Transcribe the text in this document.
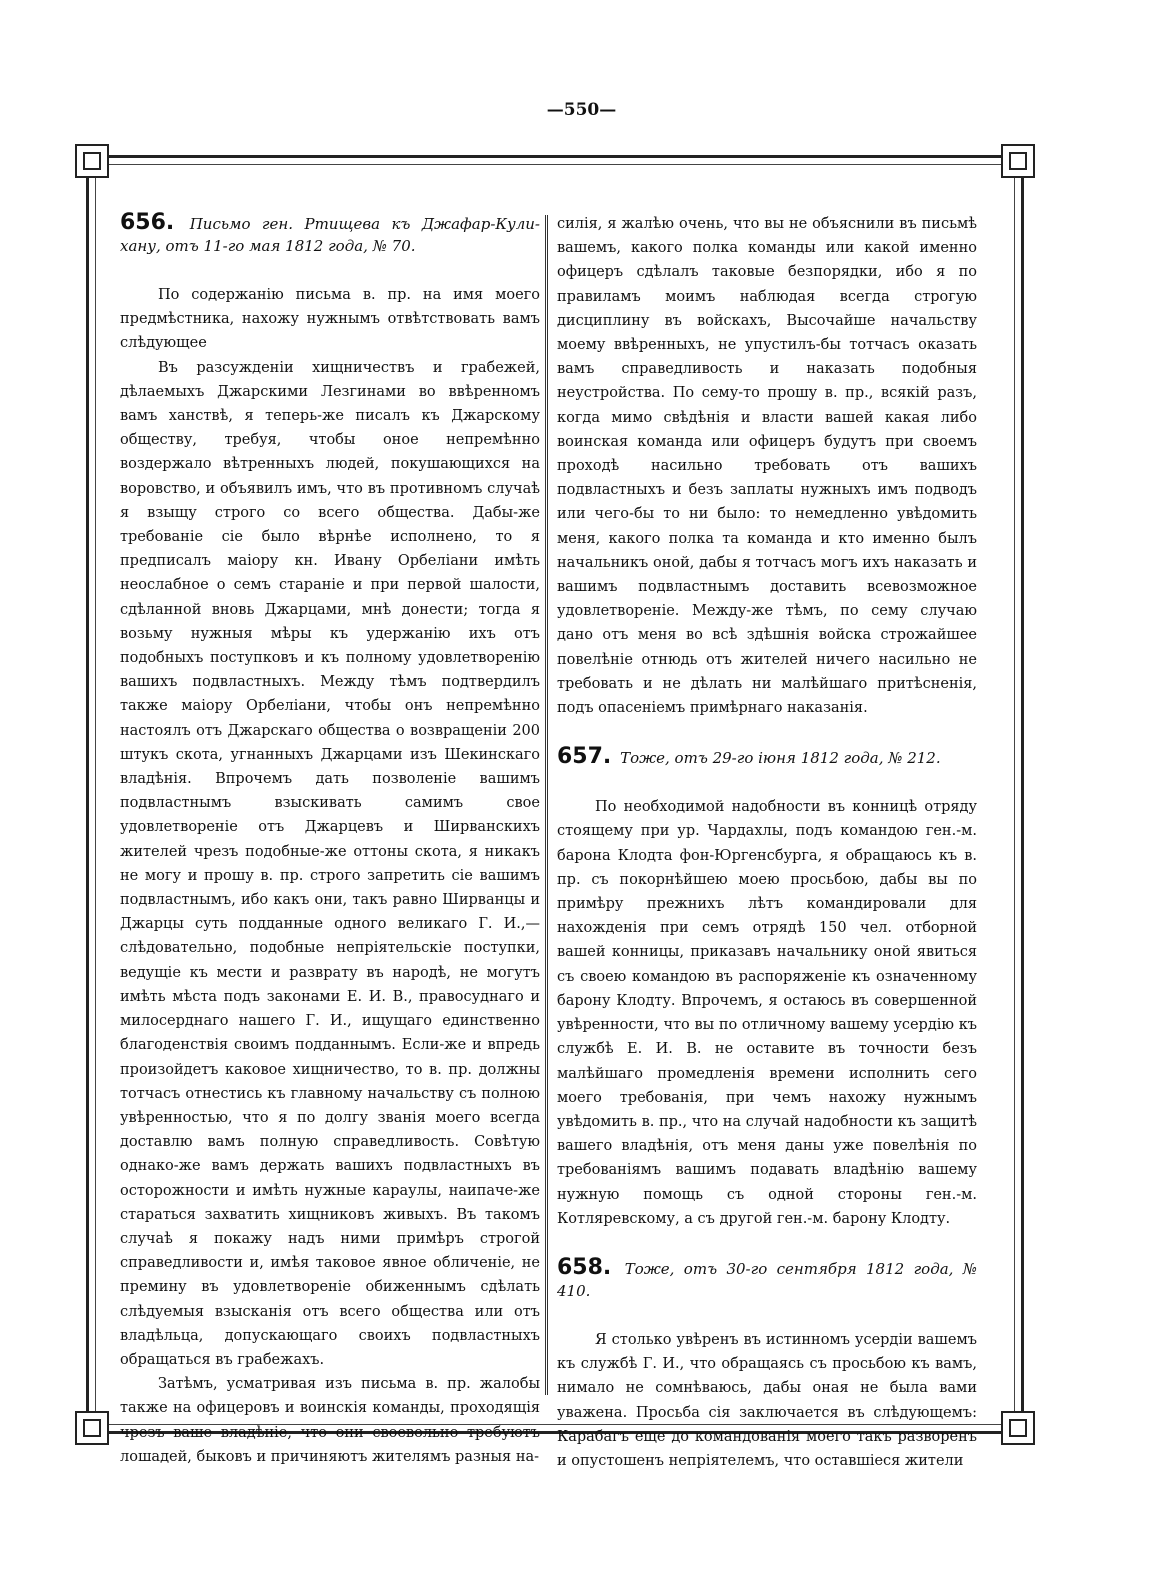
—550—
656. Письмо ген. Ртищева къ Джафар-Кули-хану, отъ 11-го мая 1812 года, № 70.

По содержанію письма в. пр. на имя моего предмѣстника, нахожу нужнымъ отвѣтствовать вамъ слѣдующее

Въ разсужденіи хищничествъ и грабежей, дѣлаемыхъ Джарскими Лезгинами во ввѣренномъ вамъ ханствѣ, я теперь-же писалъ къ Джарскому обществу, требуя, чтобы оное непремѣнно воздержало вѣтренныхъ людей, покушающихся на воровство, и объявилъ имъ, что въ противномъ случаѣ я взыщу строго со всего общества. Дабы-же требованіе сіе было вѣрнѣе исполнено, то я предписалъ маіору кн. Ивану Орбеліани имѣть неослабное о семъ стараніе и при первой шалости, сдѣланной вновь Джарцами, мнѣ донести; тогда я возьму нужныя мѣры къ удержанію ихъ отъ подобныхъ поступковъ и къ полному удовлетворенію вашихъ подвластныхъ. Между тѣмъ подтвердилъ также маіору Орбеліани, чтобы онъ непремѣнно настоялъ отъ Джарскаго общества о возвращеніи 200 штукъ скота, угнанныхъ Джарцами изъ Шекинскаго владѣнія. Впрочемъ дать позволеніе вашимъ подвластнымъ взыскивать самимъ свое удовлетвореніе отъ Джарцевъ и Ширванскихъ жителей чрезъ подобные-же оттоны скота, я никакъ не могу и прошу в. пр. строго запретить сіе вашимъ подвластнымъ, ибо какъ они, такъ равно Ширванцы и Джарцы суть подданные одного великаго Г. И.,— слѣдовательно, подобные непріятельскіе поступки, ведущіе къ мести и разврату въ народѣ, не могутъ имѣть мѣста подъ законами Е. И. В., правосуднаго и милосерднаго нашего Г. И., ищущаго единственно благоденствія своимъ подданнымъ. Если-же и впредь произойдетъ каковое хищничество, то в. пр. должны тотчасъ отнестись къ главному начальству съ полною увѣренностью, что я по долгу званія моего всегда доставлю вамъ полную справедливость. Совѣтую однако-же вамъ держать вашихъ подвластныхъ въ осторожности и имѣть нужные караулы, наипаче-же стараться захватить хищниковъ живыхъ. Въ такомъ случаѣ я покажу надъ ними примѣръ строгой справедливости и, имѣя таковое явное обличеніе, не премину въ удовлетвореніе обиженнымъ сдѣлать слѣдуемыя взысканія отъ всего общества или отъ владѣльца, допускающаго своихъ подвластныхъ обращаться въ грабежахъ.

Затѣмъ, усматривая изъ письма в. пр. жалобы также на офицеровъ и воинскія команды, проходящія чрезъ ваше владѣніе, что они своевольно требуютъ лошадей, быковъ и причиняютъ жителямъ разныя на-

силія, я жалѣю очень, что вы не объяснили въ письмѣ вашемъ, какого полка команды или какой именно офицеръ сдѣлалъ таковые безпорядки, ибо я по правиламъ моимъ наблюдая всегда строгую дисциплину въ войскахъ, Высочайше начальству моему ввѣренныхъ, не упустилъ-бы тотчасъ оказать вамъ справедливость и наказать подобныя неустройства. По сему-то прошу в. пр., всякій разъ, когда мимо свѣдѣнія и власти вашей какая либо воинская команда или офицеръ будутъ при своемъ проходѣ насильно требовать отъ вашихъ подвластныхъ и безъ заплаты нужныхъ имъ подводъ или чего-бы то ни было: то немедленно увѣдомить меня, какого полка та команда и кто именно былъ начальникъ оной, дабы я тотчасъ могъ ихъ наказать и вашимъ подвластнымъ доставить всевозможное удовлетвореніе. Между-же тѣмъ, по сему случаю дано отъ меня во всѣ здѣшнія войска строжайшее повелѣніе отнюдь отъ жителей ничего насильно не требовать и не дѣлать ни малѣйшаго притѣсненія, подъ опасеніемъ примѣрнаго наказанія.

657. Тоже, отъ 29-го іюня 1812 года, № 212.

По необходимой надобности въ конницѣ отряду стоящему при ур. Чардахлы, подъ командою ген.-м. барона Клодта фон-Юргенсбурга, я обращаюсь къ в. пр. съ покорнѣйшею моею просьбою, дабы вы по примѣру прежнихъ лѣтъ командировали для нахожденія при семъ отрядѣ 150 чел. отборной вашей конницы, приказавъ начальнику оной явиться съ своею командою въ распоряженіе къ означенному барону Клодту. Впрочемъ, я остаюсь въ совершенной увѣренности, что вы по отличному вашему усердію къ службѣ Е. И. В. не оставите въ точности безъ малѣйшаго промедленія времени исполнить сего моего требованія, при чемъ нахожу нужнымъ увѣдомить в. пр., что на случай надобности къ защитѣ вашего владѣнія, отъ меня даны уже повелѣнія по требованіямъ вашимъ подавать владѣнію вашему нужную помощь съ одной стороны ген.-м. Котляревскому, а съ другой ген.-м. барону Клодту.

658. Тоже, отъ 30-го сентября 1812 года, № 410.

Я столько увѣренъ въ истинномъ усердіи вашемъ къ службѣ Г. И., что обращаясь съ просьбою къ вамъ, нимало не сомнѣваюсь, дабы оная не была вами уважена. Просьба сія заключается въ слѣдующемъ: Карабагъ еще до командованія моего такъ разворенъ и опустошенъ непріятелемъ, что оставшіеся жители
